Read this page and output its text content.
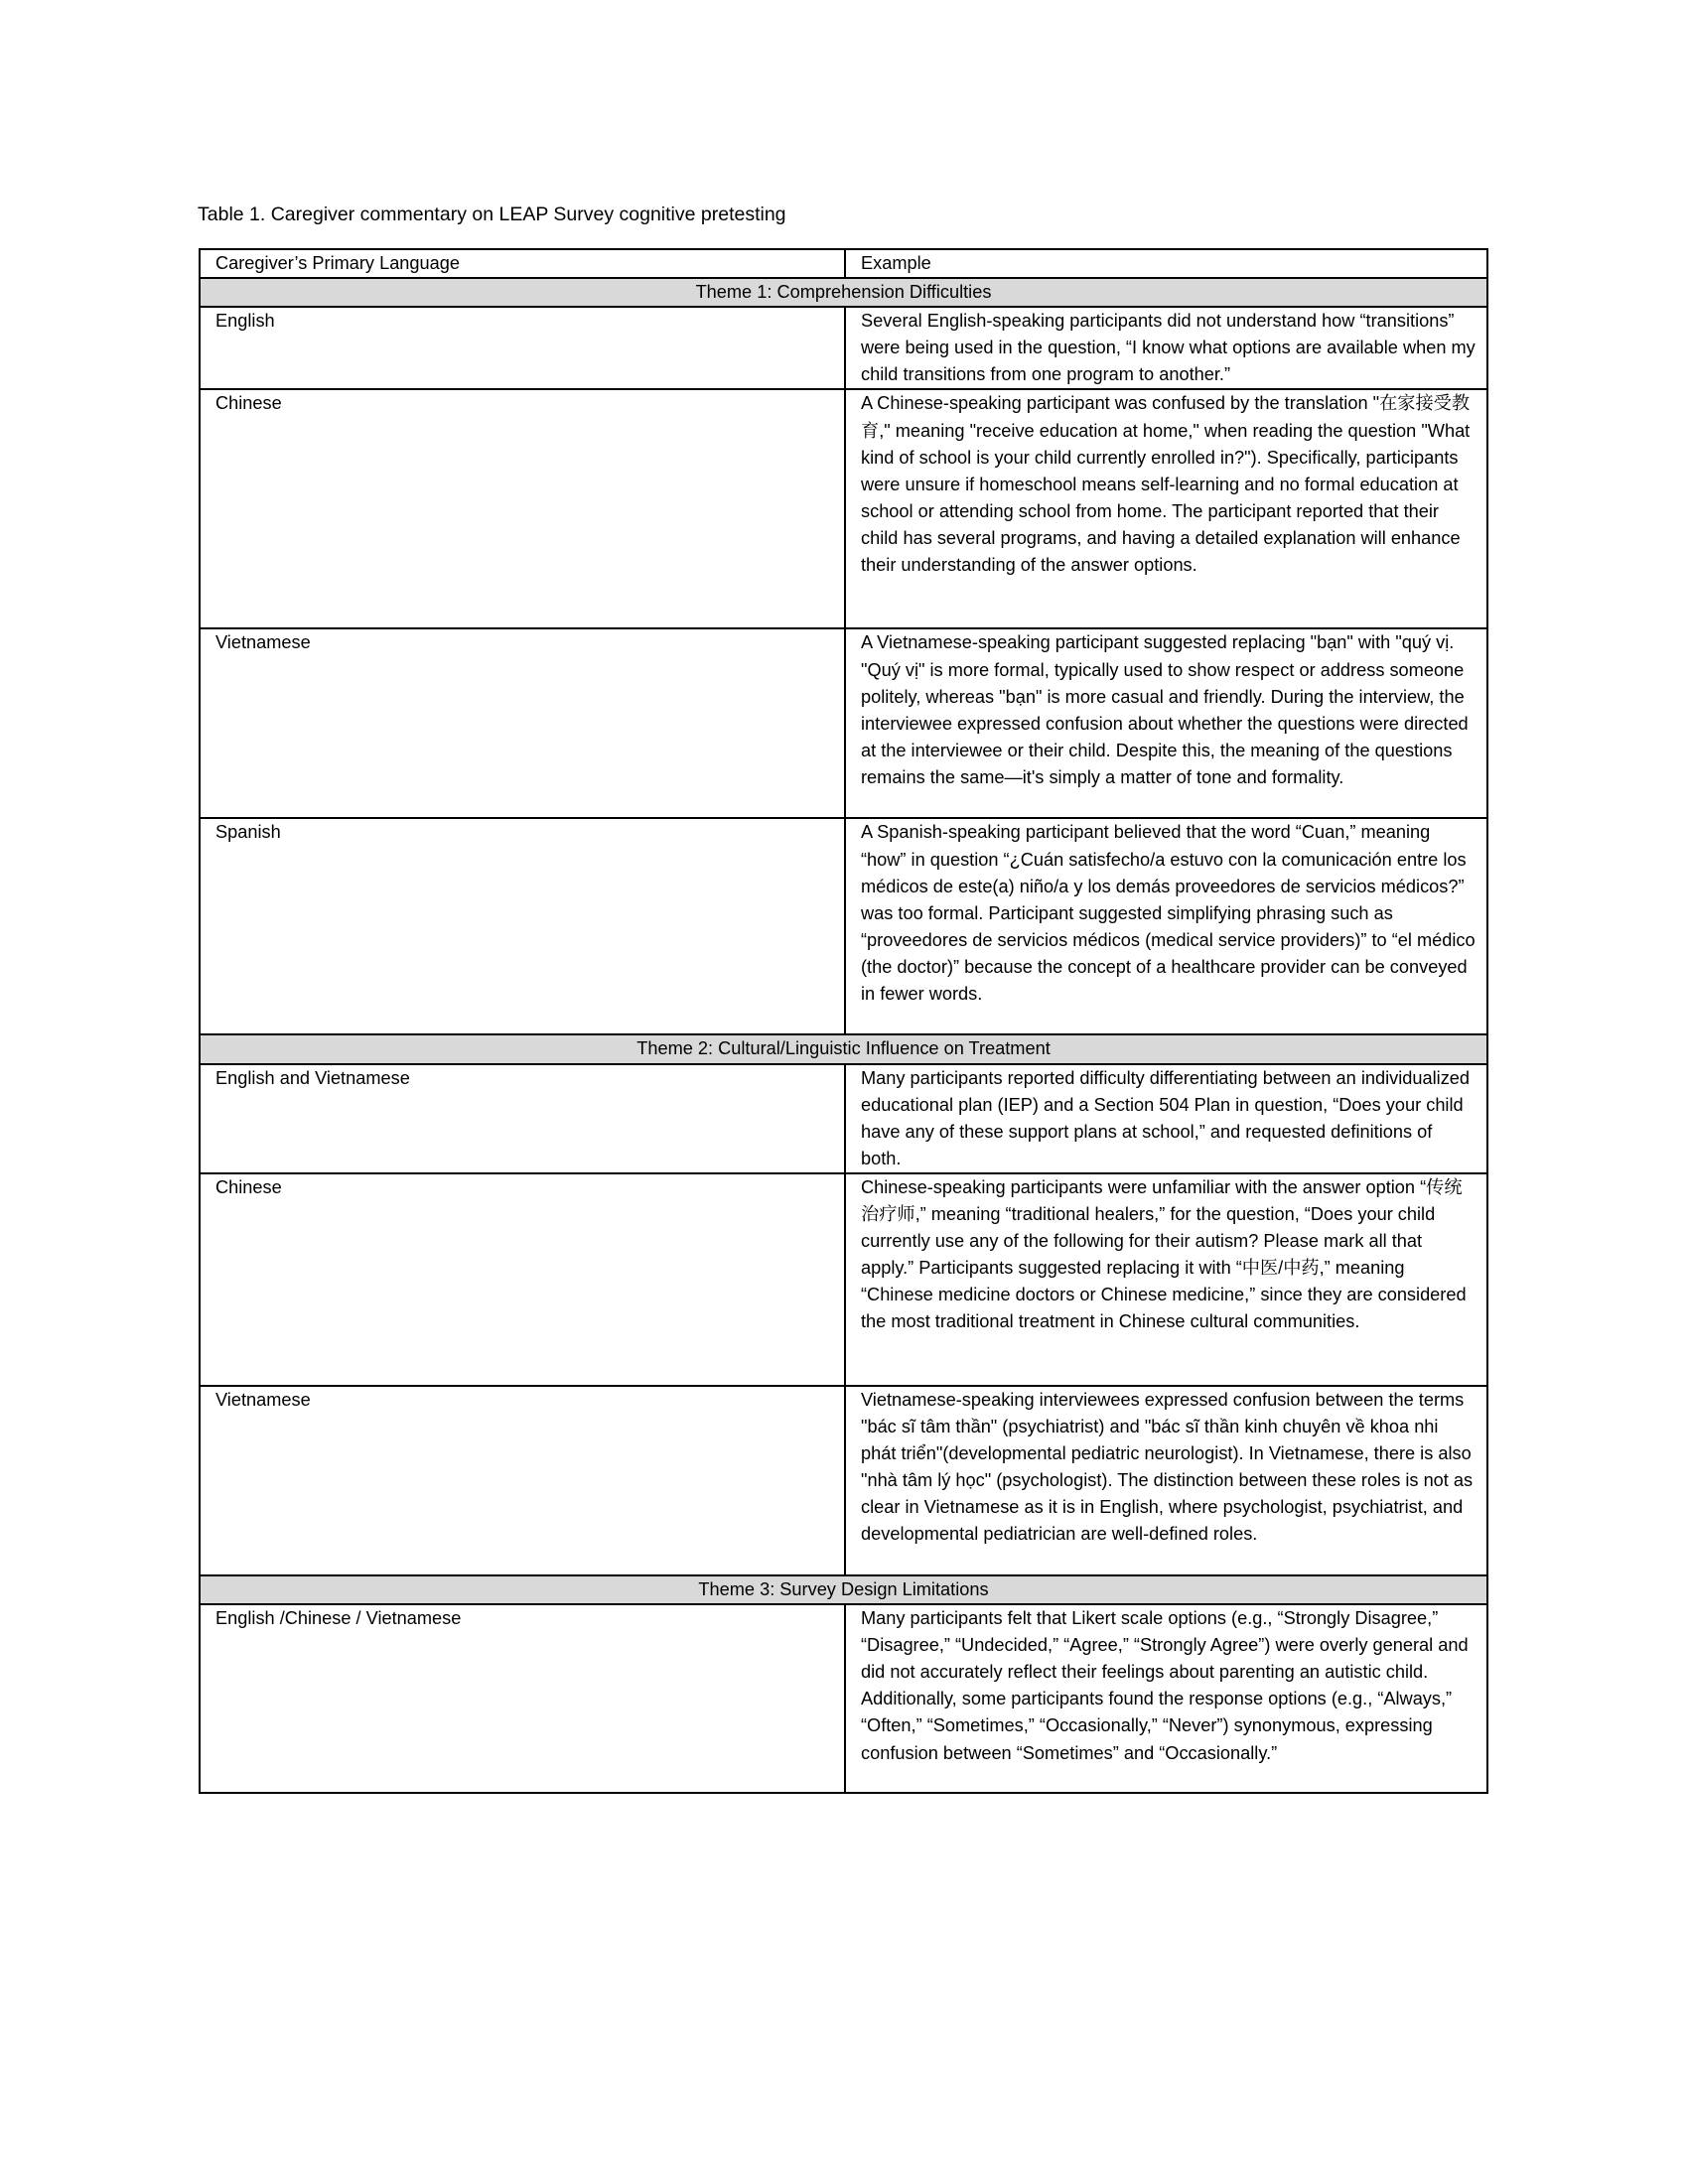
Table 1. Caregiver commentary on LEAP Survey cognitive pretesting
Caregiver’s Primary Language	Example
Theme 1: Comprehension Difficulties	
English	Several English-speaking participants did not understand how “transitions” were being used in the question, “I know what options are available when my child transitions from one program to another.”
Chinese	A Chinese-speaking participant was confused by the translation "在家接受教育," meaning "receive education at home," when reading the question "What kind of school is your child currently enrolled in?"). Specifically, participants were unsure if homeschool means self-learning and no formal education at school or attending school from home. The participant reported that their child has several programs, and having a detailed explanation will enhance their understanding of the answer options.
Vietnamese	A Vietnamese-speaking participant suggested replacing "bạn" with "quý vị. "Quý vị" is more formal, typically used to show respect or address someone politely, whereas "bạn" is more casual and friendly. During the interview, the interviewee expressed confusion about whether the questions were directed at the interviewee or their child. Despite this, the meaning of the questions remains the same—it's simply a matter of tone and formality.
Spanish	A Spanish-speaking participant believed that the word “Cuan,” meaning “how” in question “¿Cuán satisfecho/a estuvo con la comunicación entre los médicos de este(a) niño/a y los demás proveedores de servicios médicos?” was too formal. Participant suggested simplifying phrasing such as “proveedores de servicios médicos (medical service providers)” to “el médico (the doctor)” because the concept of a healthcare provider can be conveyed in fewer words.
Theme 2: Cultural/Linguistic Influence on Treatment	
English and Vietnamese	Many participants reported difficulty differentiating between an individualized educational plan (IEP) and a Section 504 Plan in question, “Does your child have any of these support plans at school,” and requested definitions of both.
Chinese	Chinese-speaking participants were unfamiliar with the answer option “传统治疗师,” meaning “traditional healers,” for the question, “Does your child currently use any of the following for their autism? Please mark all that apply.” Participants suggested replacing it with “中医/中药,” meaning “Chinese medicine doctors or Chinese medicine,” since they are considered the most traditional treatment in Chinese cultural communities.
Vietnamese	Vietnamese-speaking interviewees expressed confusion between the terms "bác sĩ tâm thần" (psychiatrist) and "bác sĩ thần kinh chuyên về khoa nhi phát triển"(developmental pediatric neurologist). In Vietnamese, there is also "nhà tâm lý học" (psychologist). The distinction between these roles is not as clear in Vietnamese as it is in English, where psychologist, psychiatrist, and developmental pediatrician are well-defined roles.
Theme 3: Survey Design Limitations	
English /Chinese / Vietnamese	Many participants felt that Likert scale options (e.g., “Strongly Disagree,” “Disagree,” “Undecided,” “Agree,” “Strongly Agree”) were overly general and did not accurately reflect their feelings about parenting an autistic child. Additionally, some participants found the response options (e.g., “Always,” “Often,” “Sometimes,” “Occasionally,” “Never”) synonymous, expressing confusion between “Sometimes” and “Occasionally.”
